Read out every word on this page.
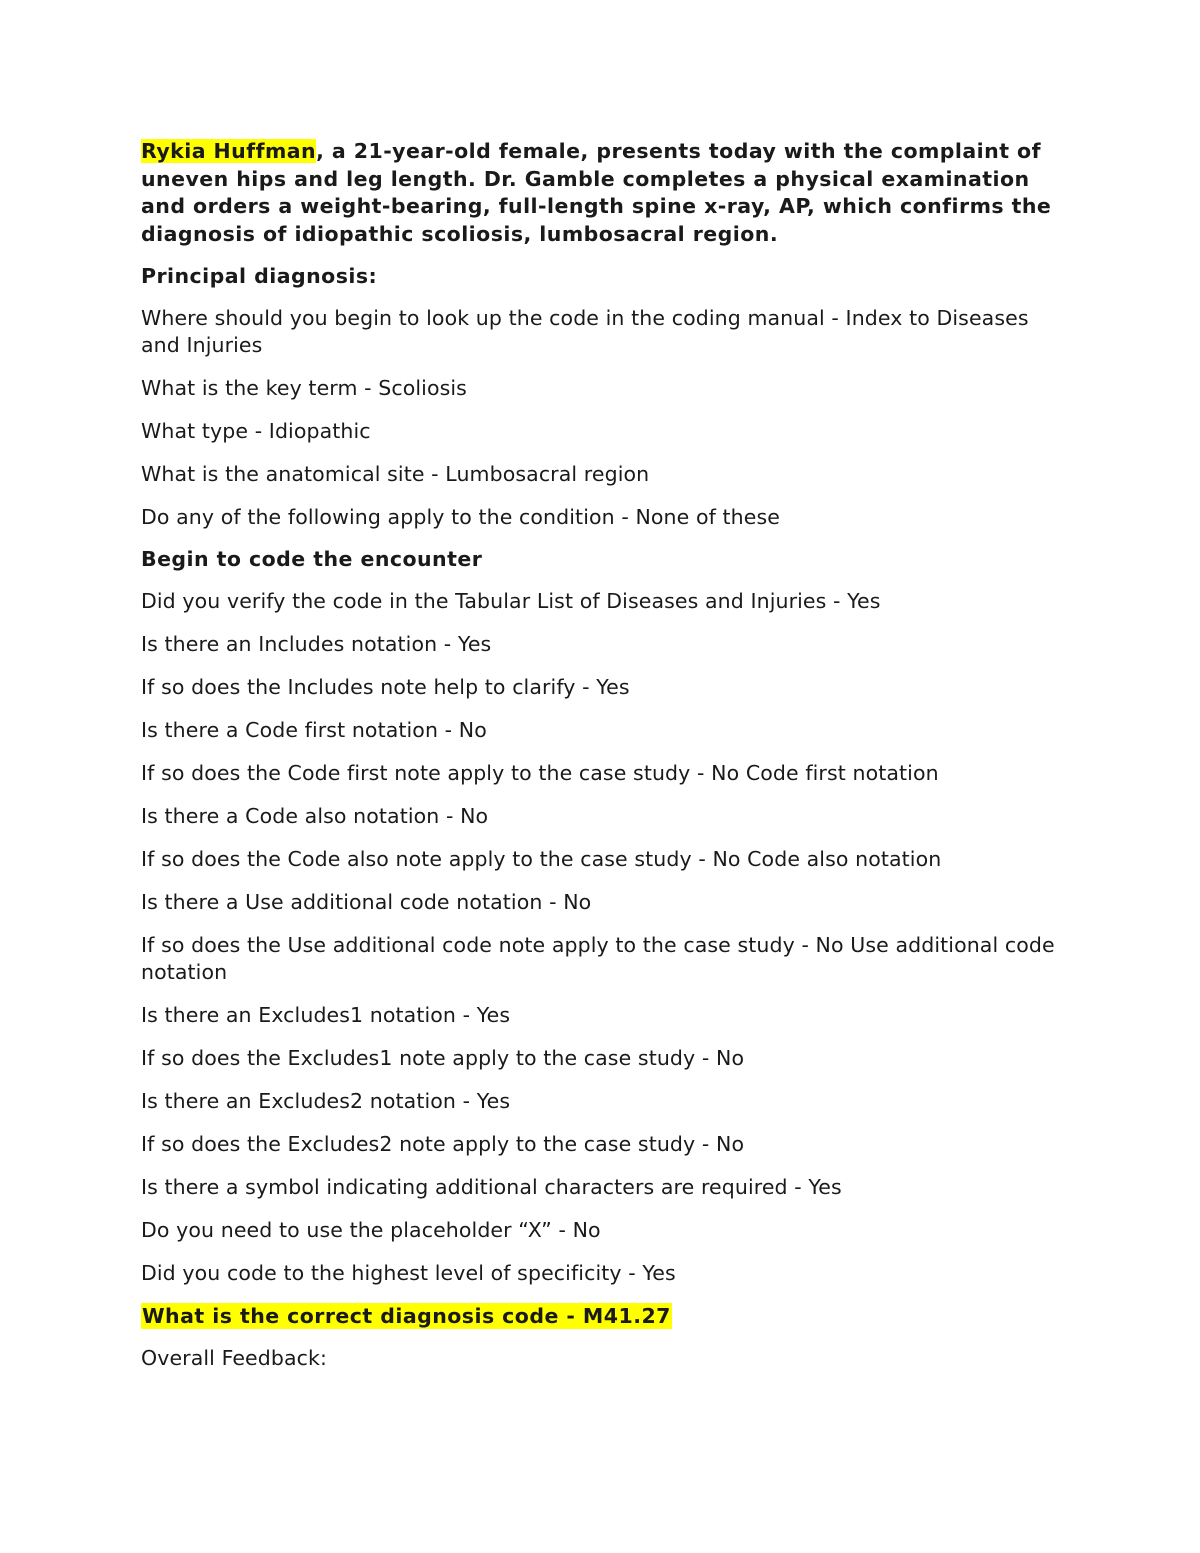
Rykia Huffman, a 21-year-old female, presents today with the complaint of uneven hips and leg length. Dr. Gamble completes a physical examination and orders a weight-bearing, full-length spine x-ray, AP, which confirms the diagnosis of idiopathic scoliosis, lumbosacral region.

Principal diagnosis:

Where should you begin to look up the code in the coding manual - Index to Diseases and Injuries

What is the key term - Scoliosis

What type - Idiopathic

What is the anatomical site - Lumbosacral region

Do any of the following apply to the condition - None of these

Begin to code the encounter

Did you verify the code in the Tabular List of Diseases and Injuries - Yes

Is there an Includes notation - Yes

If so does the Includes note help to clarify - Yes

Is there a Code first notation - No

If so does the Code first note apply to the case study - No Code first notation

Is there a Code also notation - No

If so does the Code also note apply to the case study - No Code also notation

Is there a Use additional code notation - No

If so does the Use additional code note apply to the case study - No Use additional code notation

Is there an Excludes1 notation - Yes

If so does the Excludes1 note apply to the case study - No

Is there an Excludes2 notation - Yes

If so does the Excludes2 note apply to the case study - No

Is there a symbol indicating additional characters are required - Yes

Do you need to use the placeholder “X” - No

Did you code to the highest level of specificity - Yes

What is the correct diagnosis code - M41.27

Overall Feedback:
